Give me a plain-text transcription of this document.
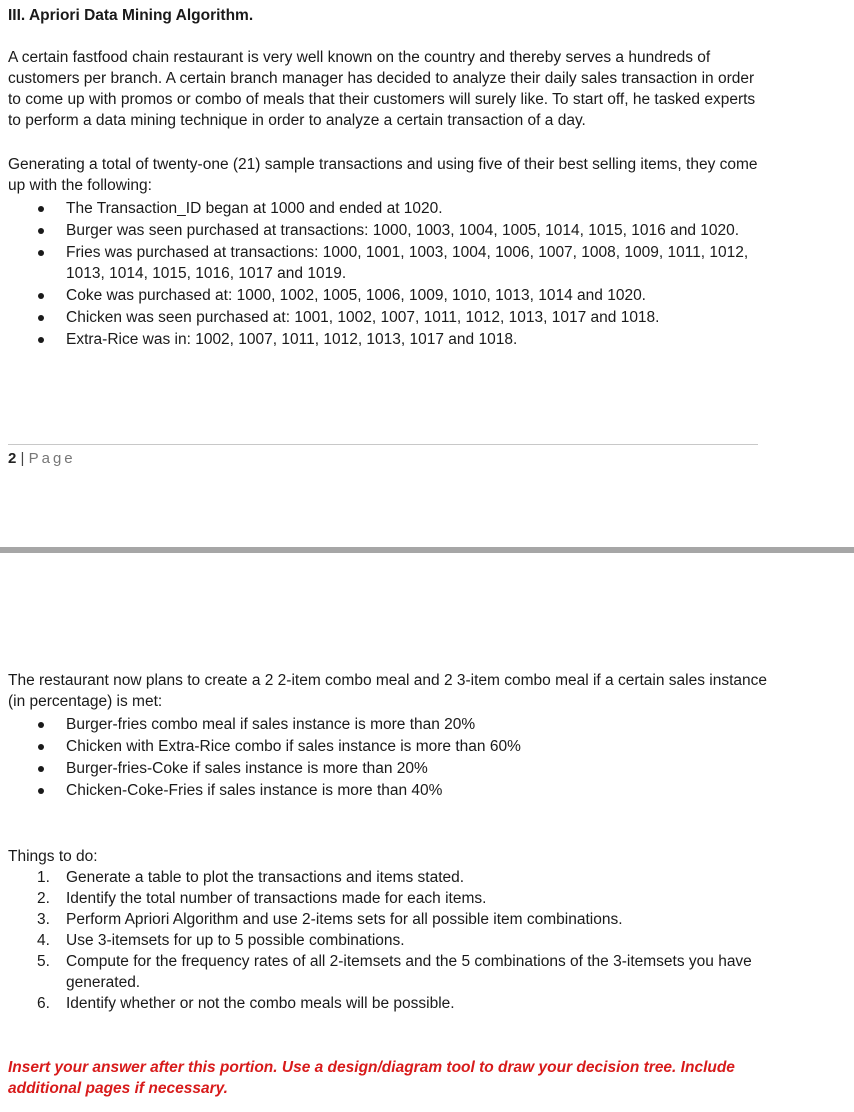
III. Apriori Data Mining Algorithm.

A certain fastfood chain restaurant is very well known on the country and thereby serves a hundreds of customers per branch. A certain branch manager has decided to analyze their daily sales transaction in order to come up with promos or combo of meals that their customers will surely like. To start off, he tasked experts to perform a data mining technique in order to analyze a certain transaction of a day.

Generating a total of twenty-one (21) sample transactions and using five of their best selling items, they come up with the following:

The Transaction_ID began at 1000 and ended at 1020.
Burger was seen purchased at transactions: 1000, 1003, 1004, 1005, 1014, 1015, 1016 and 1020.
Fries was purchased at transactions: 1000, 1001, 1003, 1004, 1006, 1007, 1008, 1009, 1011, 1012, 1013, 1014, 1015, 1016, 1017 and 1019.
Coke was purchased at: 1000, 1002, 1005, 1006, 1009, 1010, 1013, 1014 and 1020.
Chicken was seen purchased at: 1001, 1002, 1007, 1011, 1012, 1013, 1017 and 1018.
Extra-Rice was in: 1002, 1007, 1011, 1012, 1013, 1017 and 1018.
2 | Page

The restaurant now plans to create a 2 2-item combo meal and 2 3-item combo meal if a certain sales instance (in percentage) is met:

Burger-fries combo meal if sales instance is more than 20%
Chicken with Extra-Rice combo if sales instance is more than 60%
Burger-fries-Coke if sales instance is more than 20%
Chicken-Coke-Fries if sales instance is more than 40%

Things to do:

1. Generate a table to plot the transactions and items stated.
2. Identify the total number of transactions made for each items.
3. Perform Apriori Algorithm and use 2-items sets for all possible item combinations.
4. Use 3-itemsets for up to 5 possible combinations.
5. Compute for the frequency rates of all 2-itemsets and the 5 combinations of the 3-itemsets you have generated.
6. Identify whether or not the combo meals will be possible.

Insert your answer after this portion. Use a design/diagram tool to draw your decision tree. Include additional pages if necessary.
